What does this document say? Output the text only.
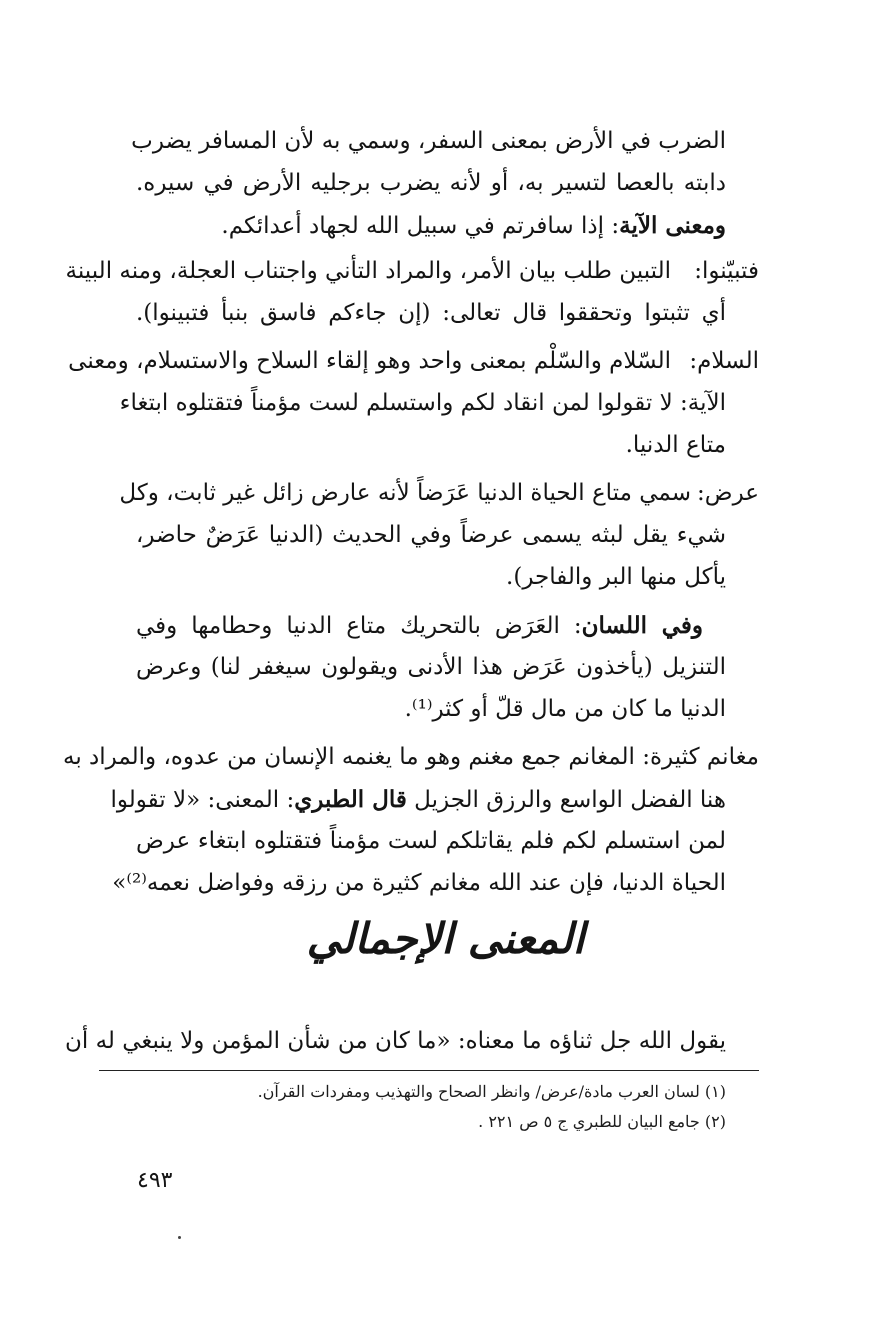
الضرب في الأرض بمعنى السفر، وسمي به لأن المسافر يضرب
دابته بالعصا لتسير به، أو لأنه يضرب برجليه الأرض في سيره.
ومعنى الآية: إذا سافرتم في سبيل الله لجهاد أعدائكم.
فتبيّنوا:
التبين طلب بيان الأمر، والمراد التأني واجتناب العجلة، ومنه البينة
أي تثبتوا وتحققوا قال تعالى: (إن جاءكم فاسق بنبأ فتبينوا).
السلام:
السّلام والسّلْم بمعنى واحد وهو إلقاء السلاح والاستسلام، ومعنى
الآية: لا تقولوا لمن انقاد لكم واستسلم لست مؤمناً فتقتلوه ابتغاء
متاع الدنيا.
عرض:
سمي متاع الحياة الدنيا عَرَضاً لأنه عارض زائل غير ثابت، وكل
شيء يقل لبثه يسمى عرضاً وفي الحديث (الدنيا عَرَضٌ حاضر،
يأكل منها البر والفاجر).
وفي اللسان: العَرَض بالتحريك متاع الدنيا وحطامها وفي
التنزيل (يأخذون عَرَض هذا الأدنى ويقولون سيغفر لنا) وعرض
الدنيا ما كان من مال قلّ أو كثر⁽¹⁾.
مغانم كثيرة: المغانم جمع مغنم وهو ما يغنمه الإنسان من عدوه، والمراد به
هنا الفضل الواسع والرزق الجزيل قال الطبري: المعنى: «لا تقولوا
لمن استسلم لكم فلم يقاتلكم لست مؤمناً فتقتلوه ابتغاء عرض
الحياة الدنيا، فإن عند الله مغانم كثيرة من رزقه وفواضل نعمه⁽²⁾»
المعنى الإجمالي
يقول الله جل ثناؤه ما معناه: «ما كان من شأن المؤمن ولا ينبغي له أن
(١) لسان العرب مادة/عرض/ وانظر الصحاح والتهذيب ومفردات القرآن.
(٢) جامع البيان للطبري ج ٥ ص ٢٢١ .
٤٩٣
